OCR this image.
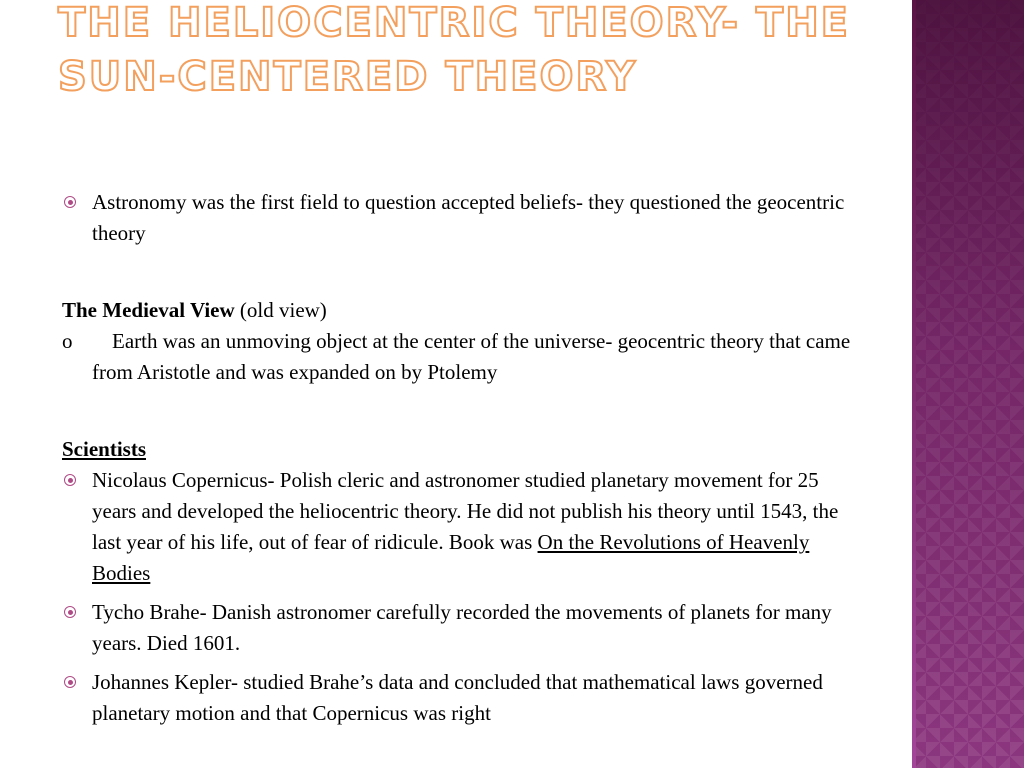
THE HELIOCENTRIC THEORY- THE
SUN-CENTERED THEORY
Astronomy was the first field to question accepted beliefs- they questioned the geocentric theory

The Medieval View (old view)

o Earth was an unmoving object at the center of the universe- geocentric theory that came from Aristotle and was expanded on by Ptolemy

Scientists

Nicolaus Copernicus- Polish cleric and astronomer studied planetary movement for 25 years and developed the heliocentric theory. He did not publish his theory until 1543, the last year of his life, out of fear of ridicule. Book was On the Revolutions of Heavenly Bodies
Tycho Brahe- Danish astronomer carefully recorded the movements of planets for many years. Died 1601.
Johannes Kepler- studied Brahe’s data and concluded that mathematical laws governed planetary motion and that Copernicus was right
